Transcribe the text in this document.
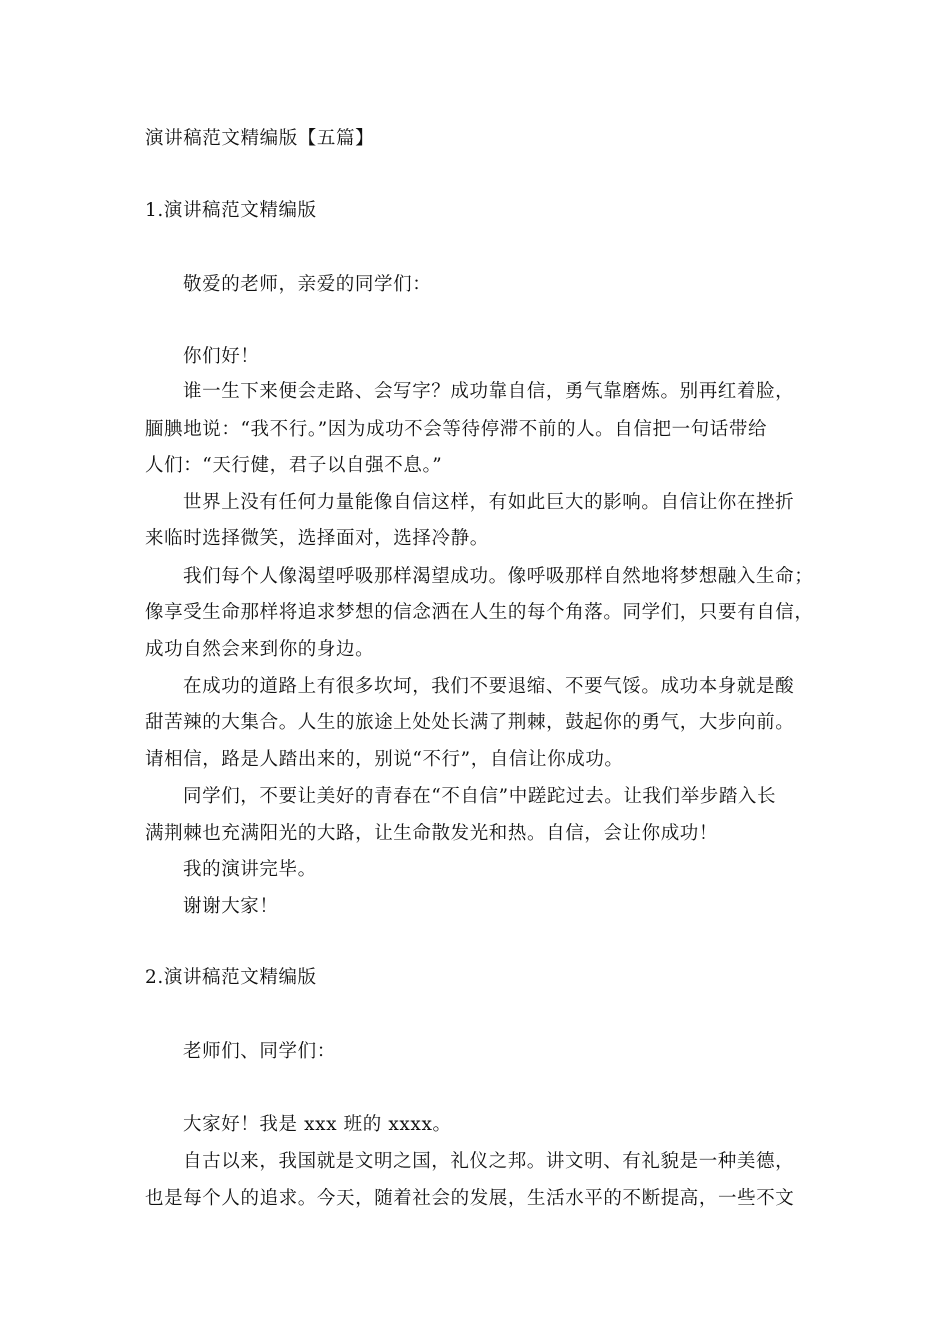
演讲稿范文精编版【五篇】
1.演讲稿范文精编版
敬爱的老师，亲爱的同学们：
你们好！
谁一生下来便会走路、会写字？成功靠自信，勇气靠磨炼。别再红着脸，
腼腆地说：“我不行。”因为成功不会等待停滞不前的人。自信把一句话带给
人们：“天行健，君子以自强不息。”
世界上没有任何力量能像自信这样，有如此巨大的影响。自信让你在挫折
来临时选择微笑，选择面对，选择冷静。
我们每个人像渴望呼吸那样渴望成功。像呼吸那样自然地将梦想融入生命；
像享受生命那样将追求梦想的信念洒在人生的每个角落。同学们，只要有自信，
成功自然会来到你的身边。
在成功的道路上有很多坎坷，我们不要退缩、不要气馁。成功本身就是酸
甜苦辣的大集合。人生的旅途上处处长满了荆棘，鼓起你的勇气，大步向前。
请相信，路是人踏出来的，别说“不行”，自信让你成功。
同学们，不要让美好的青春在“不自信”中蹉跎过去。让我们举步踏入长
满荆棘也充满阳光的大路，让生命散发光和热。自信，会让你成功！
我的演讲完毕。
谢谢大家！
2.演讲稿范文精编版
老师们、同学们：
大家好！我是 xxx 班的 xxxx。
自古以来，我国就是文明之国，礼仪之邦。讲文明、有礼貌是一种美德，
也是每个人的追求。今天，随着社会的发展，生活水平的不断提高，一些不文
